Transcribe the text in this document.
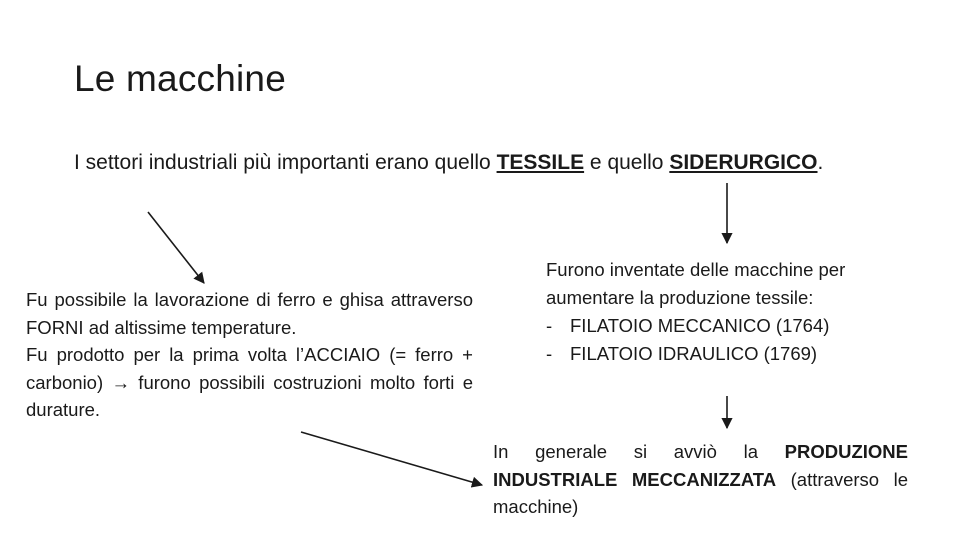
Le macchine
I settori industriali più importanti erano quello TESSILE e quello SIDERURGICO.
Fu possibile la lavorazione di ferro e ghisa attraverso FORNI ad altissime temperature.
Fu prodotto per la prima volta l’ACCIAIO (= ferro + carbonio) → furono possibili costruzioni molto forti e durature.
Furono inventate delle macchine per aumentare la produzione tessile:
- FILATOIO MECCANICO (1764)
- FILATOIO IDRAULICO (1769)
In generale si avviò la PRODUZIONE INDUSTRIALE MECCANIZZATA (attraverso le macchine)
